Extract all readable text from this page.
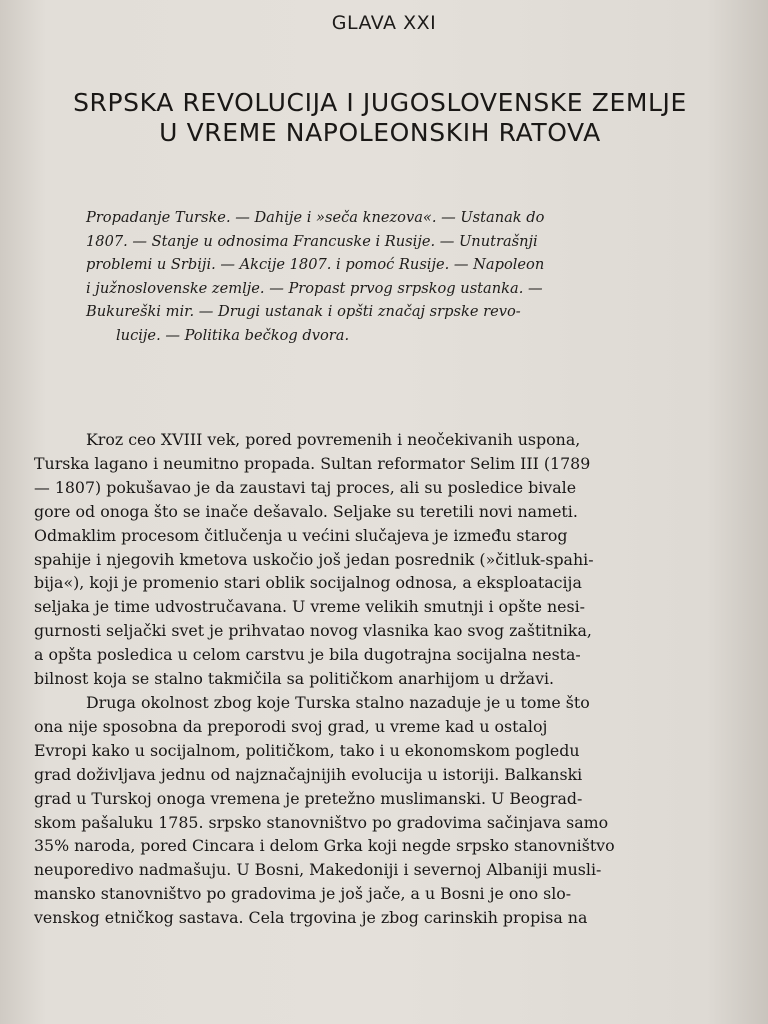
GLAVA XXI
SRPSKA REVOLUCIJA I JUGOSLOVENSKE ZEMLJE
U VREME NAPOLEONSKIH RATOVA
Propadanje Turske. — Dahije i »seča knezova«. — Ustanak do
1807. — Stanje u odnosima Francuske i Rusije. — Unutrašnji
problemi u Srbiji. — Akcije 1807. i pomoć Rusije. — Napoleon
i južnoslovenske zemlje. — Propast prvog srpskog ustanka. —
Bukureški mir. — Drugi ustanak i opšti značaj srpske revo-
lucije. — Politika bečkog dvora.
Kroz ceo XVIII vek, pored povremenih i neočekivanih uspona,
Turska lagano i neumitno propada. Sultan reformator Selim III (1789
— 1807) pokušavao je da zaustavi taj proces, ali su posledice bivale
gore od onoga što se inače dešavalo. Seljake su teretili novi nameti.
Odmaklim procesom čitlučenja u većini slučajeva je između starog
spahije i njegovih kmetova uskočio još jedan posrednik (»čitluk-spahi-
bija«), koji je promenio stari oblik socijalnog odnosa, a eksploatacija
seljaka je time udvostručavana. U vreme velikih smutnji i opšte nesi-
gurnosti seljački svet je prihvatao novog vlasnika kao svog zaštitnika,
a opšta posledica u celom carstvu je bila dugotrajna socijalna nesta-
bilnost koja se stalno takmičila sa političkom anarhijom u državi.
Druga okolnost zbog koje Turska stalno nazaduje je u tome što
ona nije sposobna da preporodi svoj grad, u vreme kad u ostaloj
Evropi kako u socijalnom, političkom, tako i u ekonomskom pogledu
grad doživljava jednu od najznačajnijih evolucija u istoriji. Balkanski
grad u Turskoj onoga vremena je pretežno muslimanski. U Beograd-
skom pašaluku 1785. srpsko stanovništvo po gradovima sačinjava samo
35% naroda, pored Cincara i delom Grka koji negde srpsko stanovništvo
neuporedivo nadmašuju. U Bosni, Makedoniji i severnoj Albaniji musli-
mansko stanovništvo po gradovima je još jače, a u Bosni je ono slo-
venskog etničkog sastava. Cela trgovina je zbog carinskih propisa na
